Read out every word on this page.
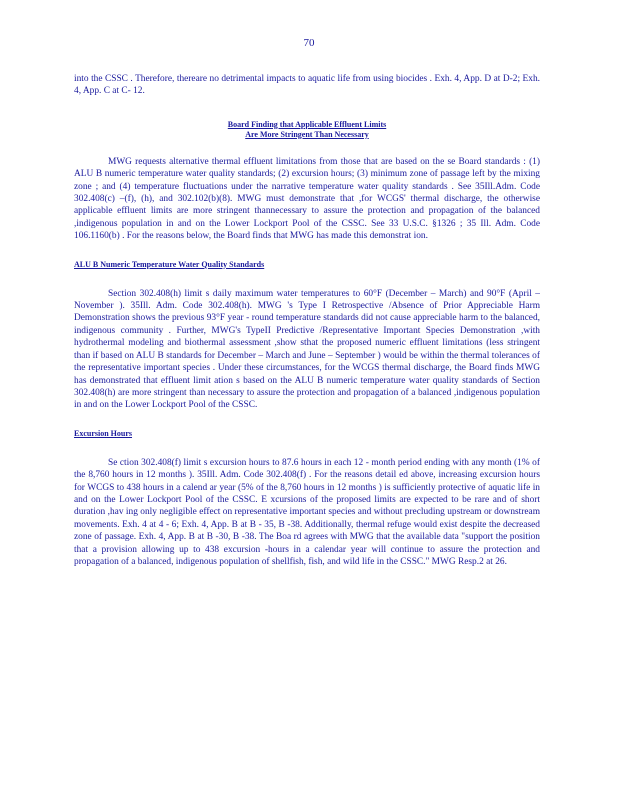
70

into the CSSC . Therefore, thereare no detrimental impacts to aquatic life from using biocides . Exh. 4, App. D at D-2; Exh. 4, App. C at C- 12.

Board Finding that Applicable Effluent Limits
Are More Stringent Than Necessary

MWG requests alternative thermal effluent limitations from those that are based on the se Board standards : (1) ALU B numeric temperature water quality standards; (2) excursion hours; (3) minimum zone of passage left by the mixing zone ; and (4) temperature fluctuations under the narrative temperature water quality standards . See 35Ill.Adm. Code 302.408(c) –(f), (h), and 302.102(b)(8). MWG must demonstrate that ,for WCGS' thermal discharge, the otherwise applicable effluent limits are more stringent thannecessary to assure the protection and propagation of the balanced ,indigenous population in and on the Lower Lockport Pool of the CSSC. See 33 U.S.C. §1326 ; 35 Ill. Adm. Code 106.1160(b) . For the reasons below, the Board finds that MWG has made this demonstrat ion.

ALU B Numeric Temperature Water Quality Standards

Section 302.408(h) limit s daily maximum water temperatures to 60°F (December – March) and 90°F (April – November ). 35Ill. Adm. Code 302.408(h). MWG 's Type I Retrospective /Absence of Prior Appreciable Harm Demonstration shows the previous 93°F year - round temperature standards did not cause appreciable harm to the balanced, indigenous community . Further, MWG's TypeII Predictive /Representative Important Species Demonstration ,with hydrothermal modeling and biothermal assessment ,show sthat the proposed numeric effluent limitations (less stringent than if based on ALU B standards for December – March and June – September ) would be within the thermal tolerances of the representative important species . Under these circumstances, for the WCGS thermal discharge, the Board finds MWG has demonstrated that effluent limit ation s based on the ALU B numeric temperature water quality standards of Section 302.408(h) are more stringent than necessary to assure the protection and propagation of a balanced ,indigenous population in and on the Lower Lockport Pool of the CSSC.

Excursion Hours

Se ction 302.408(f) limit s excursion hours to 87.6 hours in each 12 - month period ending with any month (1% of the 8,760 hours in 12 months ). 35Ill. Adm. Code 302.408(f) . For the reasons detail ed above, increasing excursion hours for WCGS to 438 hours in a calend ar year (5% of the 8,760 hours in 12 months ) is sufficiently protective of aquatic life in and on the Lower Lockport Pool of the CSSC. E xcursions of the proposed limits are expected to be rare and of short duration ,hav ing only negligible effect on representative important species and without precluding upstream or downstream movements. Exh. 4 at 4 - 6; Exh. 4, App. B at B - 35, B -38. Additionally, thermal refuge would exist despite the decreased zone of passage. Exh. 4, App. B at B -30, B -38. The Boa rd agrees with MWG that the available data "support the position that a provision allowing up to 438 excursion -hours in a calendar year will continue to assure the protection and propagation of a balanced, indigenous population of shellfish, fish, and wild life in the CSSC." MWG Resp.2 at 26.
